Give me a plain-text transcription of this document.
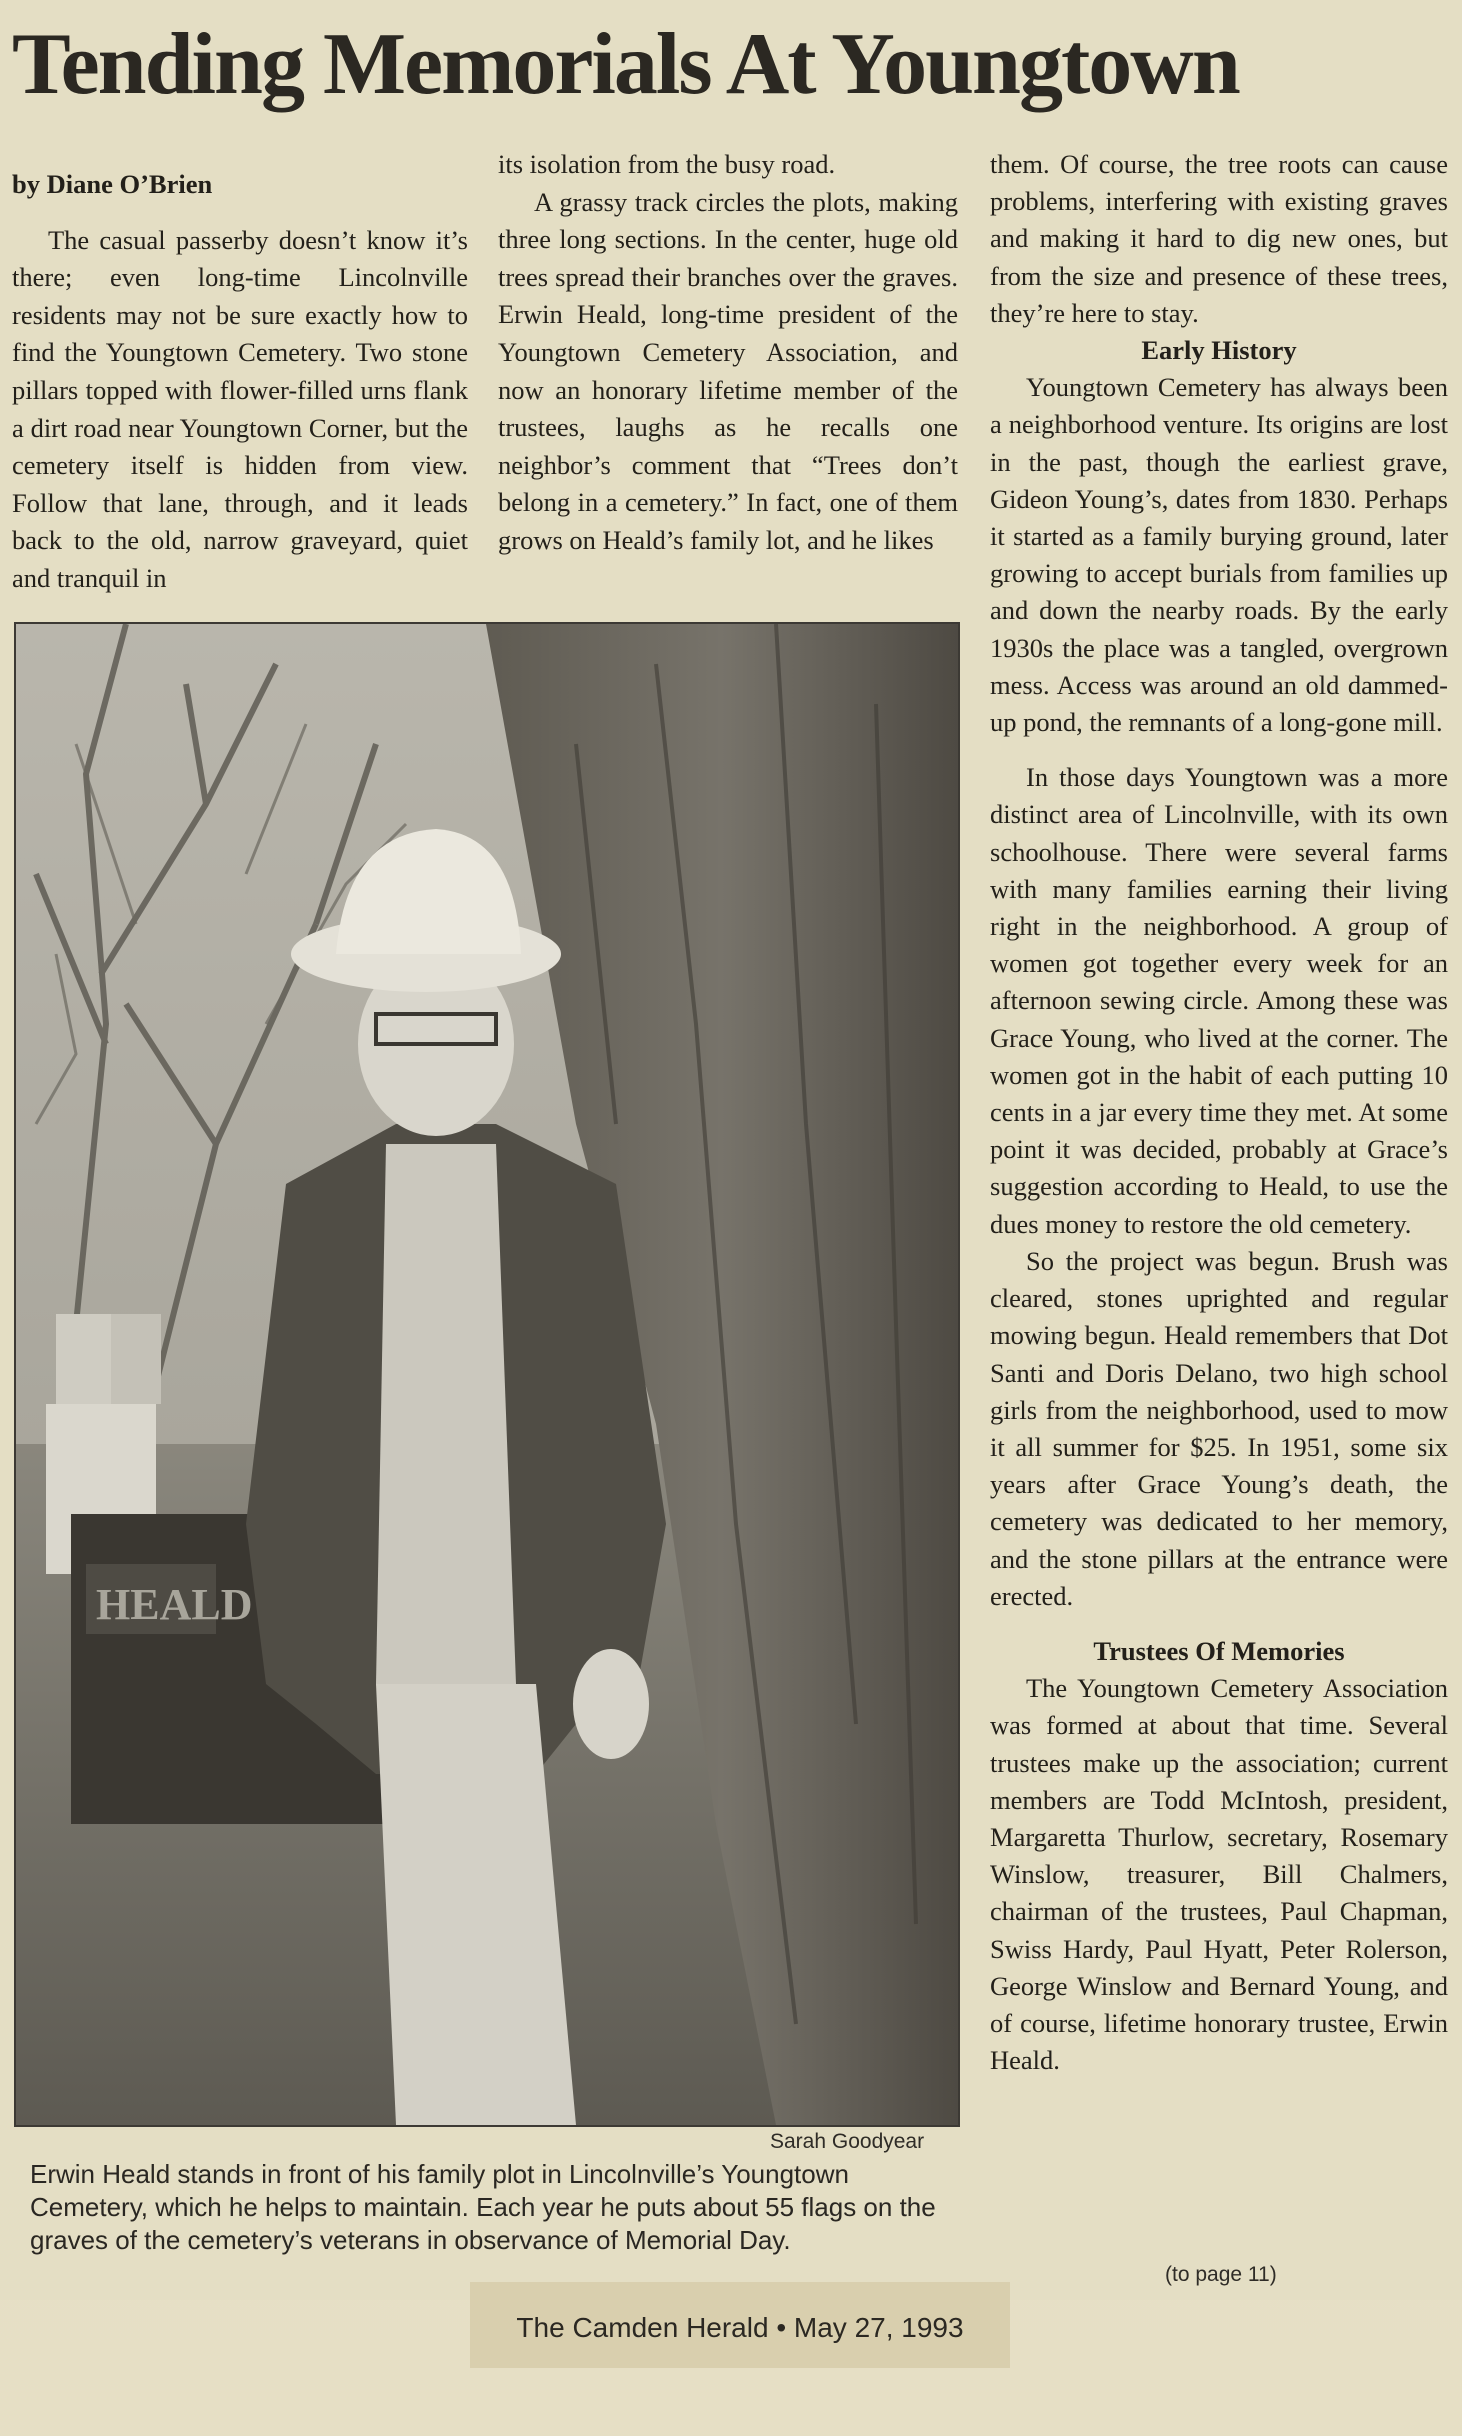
Tending Memorials At Youngtown

by Diane O’Brien

The casual passerby doesn’t know it’s there; even long-time Lincolnville residents may not be sure exactly how to find the Youngtown Cemetery. Two stone pillars topped with flower-filled urns flank a dirt road near Youngtown Corner, but the cemetery itself is hidden from view. Follow that lane, through, and it leads back to the old, narrow graveyard, quiet and tranquil in

its isolation from the busy road.

A grassy track circles the plots, making three long sections. In the center, huge old trees spread their branches over the graves. Erwin Heald, long-time president of the Youngtown Cemetery Association, and now an honorary lifetime member of the trustees, laughs as he recalls one neighbor’s comment that “Trees don’t belong in a cemetery.” In fact, one of them grows on Heald’s family lot, and he likes

them. Of course, the tree roots can cause problems, interfering with existing graves and making it hard to dig new ones, but from the size and presence of these trees, they’re here to stay.

Early History

Youngtown Cemetery has always been a neighborhood venture. Its origins are lost in the past, though the earliest grave, Gideon Young’s, dates from 1830. Perhaps it started as a family burying ground, later growing to accept burials from families up and down the nearby roads. By the early 1930s the place was a tangled, overgrown mess. Access was around an old dammed-up pond, the remnants of a long-gone mill.

In those days Youngtown was a more distinct area of Lincolnville, with its own schoolhouse. There were several farms with many families earning their living right in the neighborhood. A group of women got together every week for an afternoon sewing circle. Among these was Grace Young, who lived at the corner. The women got in the habit of each putting 10 cents in a jar every time they met. At some point it was decided, probably at Grace’s suggestion according to Heald, to use the dues money to restore the old cemetery.

So the project was begun. Brush was cleared, stones uprighted and regular mowing begun. Heald remembers that Dot Santi and Doris Delano, two high school girls from the neighborhood, used to mow it all summer for $25. In 1951, some six years after Grace Young’s death, the cemetery was dedicated to her memory, and the stone pillars at the entrance were erected.

Trustees Of Memories

The Youngtown Cemetery Association was formed at about that time. Several trustees make up the association; current members are Todd McIntosh, president, Margaretta Thurlow, secretary, Rosemary Winslow, treasurer, Bill Chalmers, chairman of the trustees, Paul Chapman, Swiss Hardy, Paul Hyatt, Peter Rolerson, George Winslow and Bernard Young, and of course, lifetime honorary trustee, Erwin Heald.

HEALD
Sarah Goodyear
Erwin Heald stands in front of his family plot in Lincolnville’s Youngtown Cemetery, which he helps to maintain. Each year he puts about 55 flags on the graves of the cemetery’s veterans in observance of Memorial Day.
(to page 11)
The Camden Herald • May 27, 1993
